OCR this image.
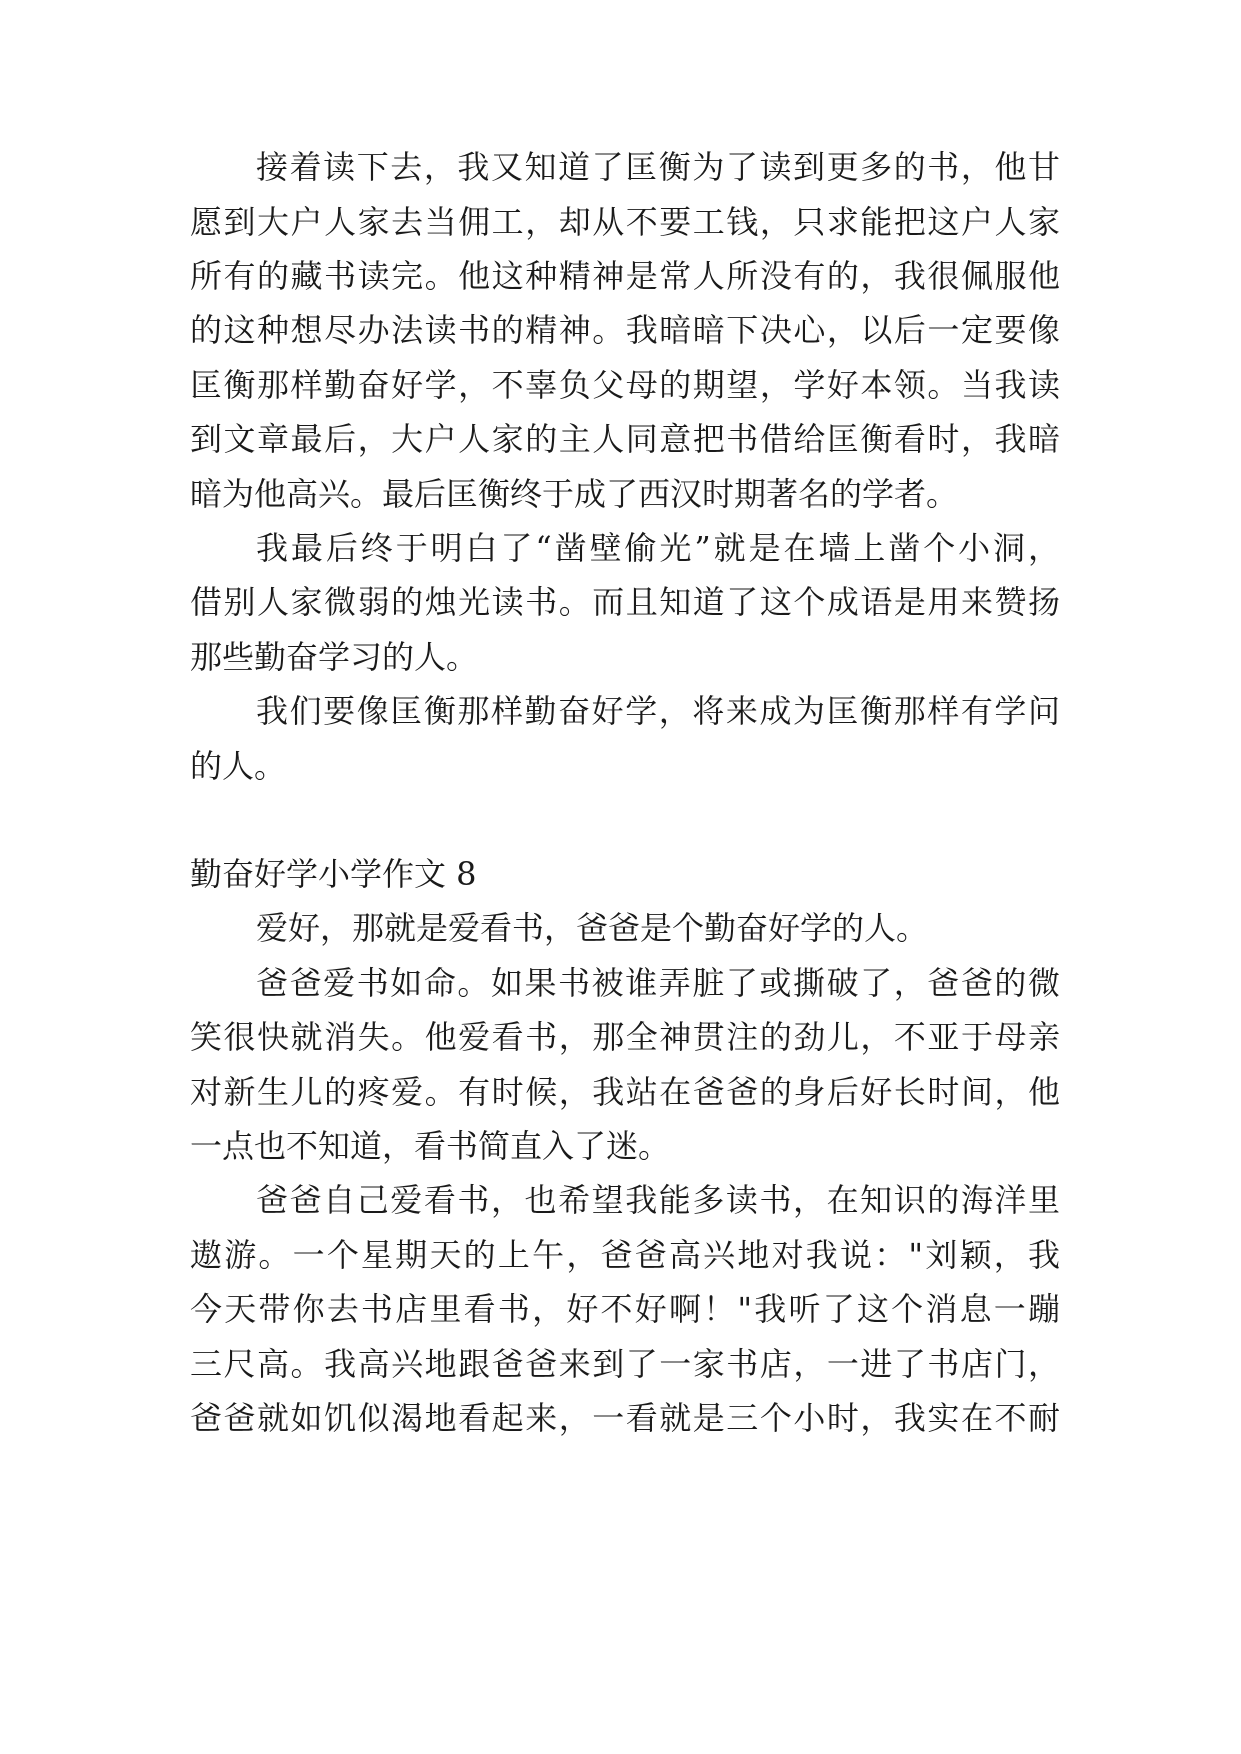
接着读下去，我又知道了匡衡为了读到更多的书，他甘
愿到大户人家去当佣工，却从不要工钱，只求能把这户人家
所有的藏书读完。他这种精神是常人所没有的，我很佩服他
的这种想尽办法读书的精神。我暗暗下决心，以后一定要像
匡衡那样勤奋好学，不辜负父母的期望，学好本领。当我读
到文章最后，大户人家的主人同意把书借给匡衡看时，我暗
暗为他高兴。最后匡衡终于成了西汉时期著名的学者。
我最后终于明白了“凿壁偷光”就是在墙上凿个小洞，
借别人家微弱的烛光读书。而且知道了这个成语是用来赞扬
那些勤奋学习的人。
我们要像匡衡那样勤奋好学，将来成为匡衡那样有学问
的人。
勤奋好学小学作文 8
爱好，那就是爱看书，爸爸是个勤奋好学的人。
爸爸爱书如命。如果书被谁弄脏了或撕破了，爸爸的微
笑很快就消失。他爱看书，那全神贯注的劲儿，不亚于母亲
对新生儿的疼爱。有时候，我站在爸爸的身后好长时间，他
一点也不知道，看书简直入了迷。
爸爸自己爱看书，也希望我能多读书，在知识的海洋里
遨游。一个星期天的上午，爸爸高兴地对我说："刘颖，我
今天带你去书店里看书，好不好啊！"我听了这个消息一蹦
三尺高。我高兴地跟爸爸来到了一家书店，一进了书店门，
爸爸就如饥似渴地看起来，一看就是三个小时，我实在不耐
